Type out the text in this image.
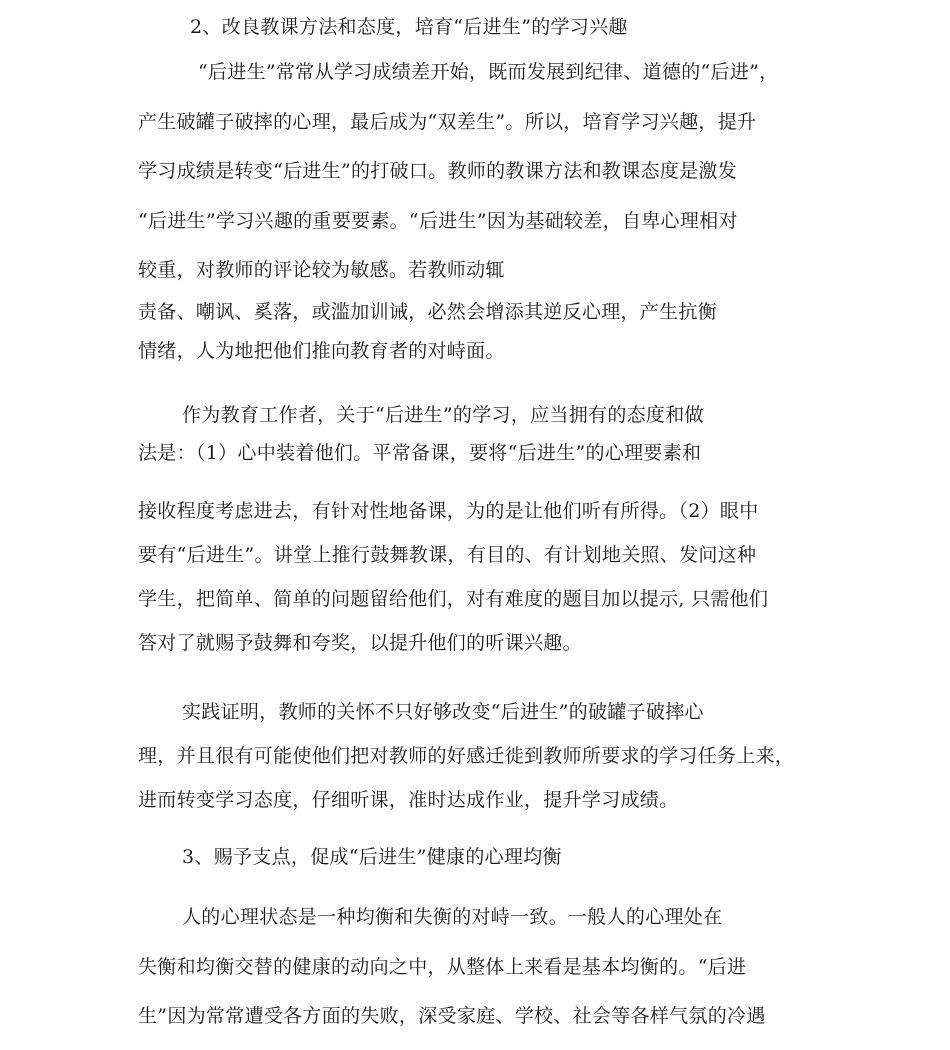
2、改良教课方法和态度，培育“后进生”的学习兴趣
“后进生”常常从学习成绩差开始，既而发展到纪律、道德的“后进”，
产生破罐子破摔的心理，最后成为“双差生”。所以，培育学习兴趣，提升
学习成绩是转变“后进生”的打破口。教师的教课方法和教课态度是激发
“后进生”学习兴趣的重要要素。“后进生”因为基础较差，自卑心理相对
较重，对教师的评论较为敏感。若教师动辄
责备、嘲讽、奚落，或滥加训诫，必然会增添其逆反心理，产生抗衡
情绪，人为地把他们推向教育者的对峙面。
作为教育工作者，关于“后进生”的学习，应当拥有的态度和做
法是：（1）心中装着他们。平常备课，要将“后进生”的心理要素和
接收程度考虑进去，有针对性地备课，为的是让他们听有所得。（2）眼中
要有“后进生”。讲堂上推行鼓舞教课，有目的、有计划地关照、发问这种
学生，把简单、简单的问题留给他们，对有难度的题目加以提示, 只需他们
答对了就赐予鼓舞和夸奖，以提升他们的听课兴趣。
实践证明，教师的关怀不只好够改变“后进生”的破罐子破摔心
理，并且很有可能使他们把对教师的好感迁徙到教师所要求的学习任务上来，
进而转变学习态度，仔细听课，准时达成作业，提升学习成绩。
3、赐予支点，促成“后进生”健康的心理均衡
人的心理状态是一种均衡和失衡的对峙一致。一般人的心理处在
失衡和均衡交替的健康的动向之中，从整体上来看是基本均衡的。“后进
生”因为常常遭受各方面的失败，深受家庭、学校、社会等各样气氛的冷遇
